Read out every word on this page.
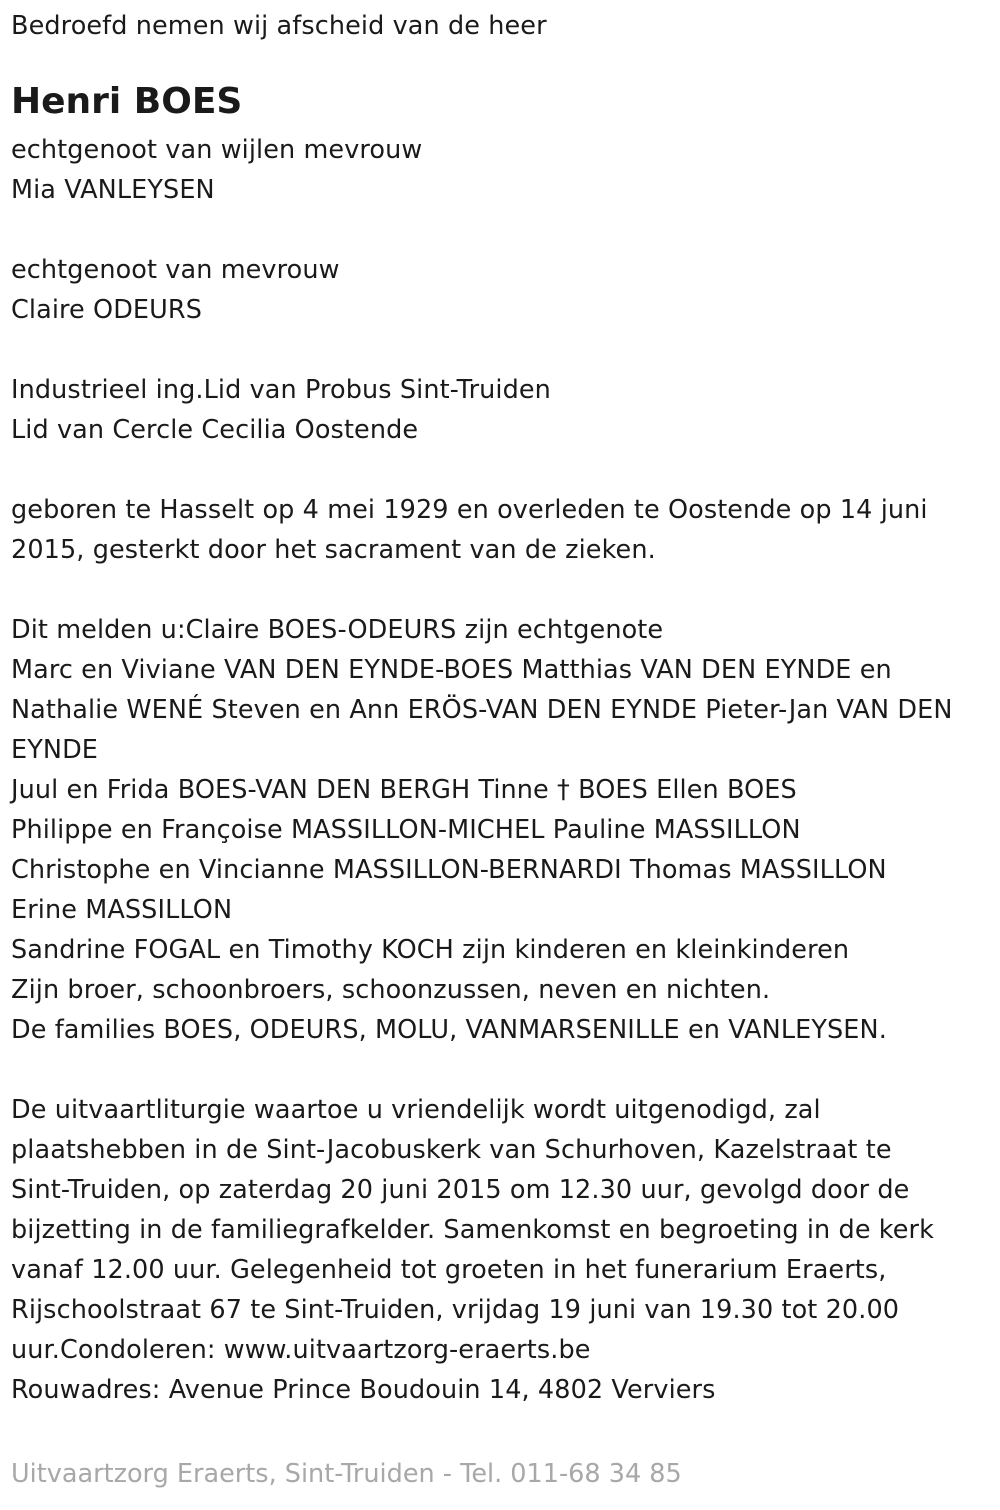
Bedroefd nemen wij afscheid van de heer
Henri BOES
echtgenoot van wijlen mevrouw
Mia VANLEYSEN
echtgenoot van mevrouw
Claire ODEURS
Industrieel ing.Lid van Probus Sint-Truiden
Lid van Cercle Cecilia Oostende
geboren te Hasselt op 4 mei 1929 en overleden te Oostende op 14 juni
2015, gesterkt door het sacrament van de zieken.
Dit melden u:Claire BOES-ODEURS zijn echtgenote
Marc en Viviane VAN DEN EYNDE-BOES Matthias VAN DEN EYNDE en
Nathalie WENÉ Steven en Ann ERÖS-VAN DEN EYNDE Pieter-Jan VAN DEN
EYNDE
Juul en Frida BOES-VAN DEN BERGH Tinne † BOES Ellen BOES
Philippe en Françoise MASSILLON-MICHEL Pauline MASSILLON
Christophe en Vincianne MASSILLON-BERNARDI Thomas MASSILLON
Erine MASSILLON
Sandrine FOGAL en Timothy KOCH zijn kinderen en kleinkinderen
Zijn broer, schoonbroers, schoonzussen, neven en nichten.
De families BOES, ODEURS, MOLU, VANMARSENILLE en VANLEYSEN.
De uitvaartliturgie waartoe u vriendelijk wordt uitgenodigd, zal
plaatshebben in de Sint-Jacobuskerk van Schurhoven, Kazelstraat te
Sint-Truiden, op zaterdag 20 juni 2015 om 12.30 uur, gevolgd door de
bijzetting in de familiegrafkelder. Samenkomst en begroeting in de kerk
vanaf 12.00 uur. Gelegenheid tot groeten in het funerarium Eraerts,
Rijschoolstraat 67 te Sint-Truiden, vrijdag 19 juni van 19.30 tot 20.00
uur.Condoleren: www.uitvaartzorg-eraerts.be
Rouwadres: Avenue Prince Boudouin 14, 4802 Verviers
Uitvaartzorg Eraerts, Sint-Truiden - Tel. 011-68 34 85
